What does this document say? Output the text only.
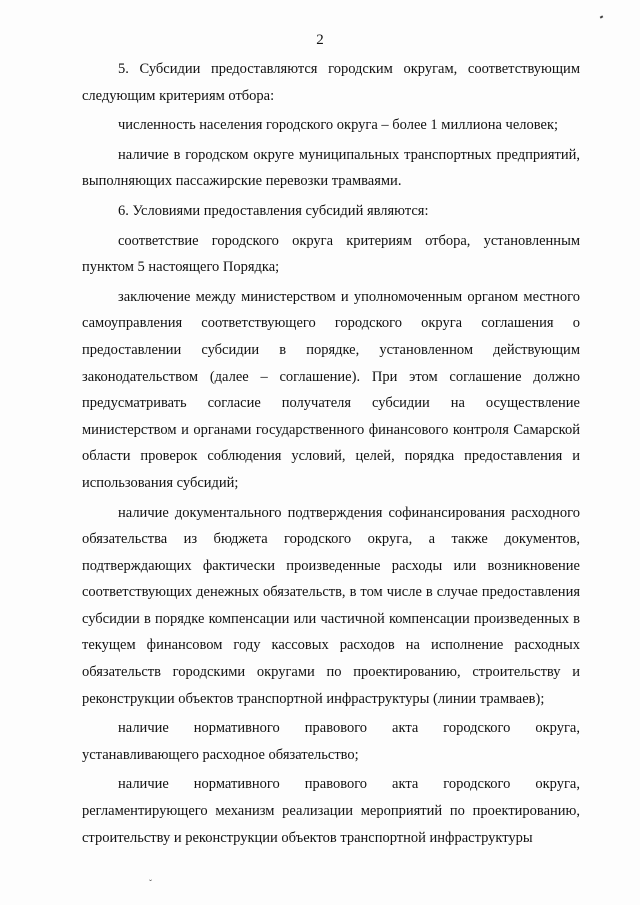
2

5. Субсидии предоставляются городским округам, соответствующим следующим критериям отбора:

численность населения городского округа – более 1 миллиона человек;

наличие в городском округе муниципальных транспортных предприятий, выполняющих пассажирские перевозки трамваями.

6. Условиями предоставления субсидий являются:

соответствие городского округа критериям отбора, установленным пунктом 5 настоящего Порядка;

заключение между министерством и уполномоченным органом местного самоуправления соответствующего городского округа соглашения о предоставлении субсидии в порядке, установленном действующим законодательством (далее – соглашение). При этом соглашение должно предусматривать согласие получателя субсидии на осуществление министерством и органами государственного финансового контроля Самарской области проверок соблюдения условий, целей, порядка предоставления и использования субсидий;

наличие документального подтверждения софинансирования расходного обязательства из бюджета городского округа, а также документов, подтверждающих фактически произведенные расходы или возникновение соответствующих денежных обязательств, в том числе в случае предоставления субсидии в порядке компенсации или частичной компенсации произведенных в текущем финансовом году кассовых расходов на исполнение расходных обязательств городскими округами по проектированию, строительству и реконструкции объектов транспортной инфраструктуры (линии трамваев);

наличие нормативного правового акта городского округа, устанавливающего расходное обязательство;

наличие нормативного правового акта городского округа, регламентирующего механизм реализации мероприятий по проектированию, строительству и реконструкции объектов транспортной инфраструктуры

ˇ
